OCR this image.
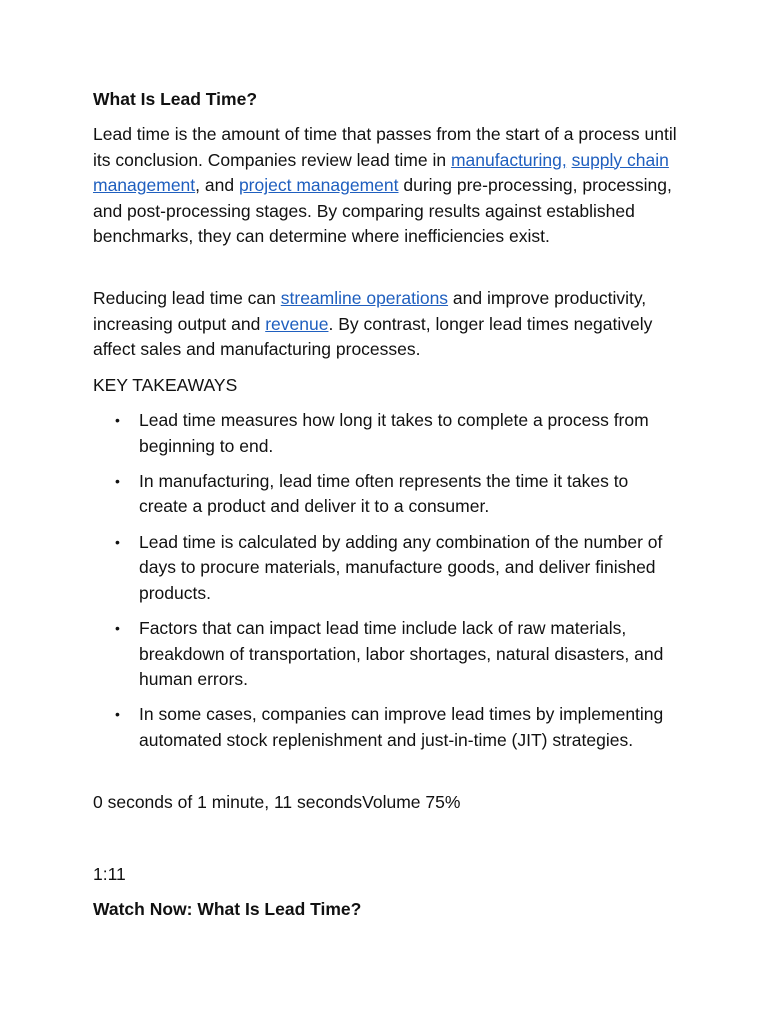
What Is Lead Time?

Lead time is the amount of time that passes from the start of a process until its conclusion. Companies review lead time in manufacturing, supply chain management, and project management during pre-processing, processing, and post-processing stages. By comparing results against established benchmarks, they can determine where inefficiencies exist.

Reducing lead time can streamline operations and improve productivity, increasing output and revenue. By contrast, longer lead times negatively affect sales and manufacturing processes.

KEY TAKEAWAYS
• Lead time measures how long it takes to complete a process from beginning to end.
• In manufacturing, lead time often represents the time it takes to create a product and deliver it to a consumer.
• Lead time is calculated by adding any combination of the number of days to procure materials, manufacture goods, and deliver finished products.
• Factors that can impact lead time include lack of raw materials, breakdown of transportation, labor shortages, natural disasters, and human errors.
• In some cases, companies can improve lead times by implementing automated stock replenishment and just-in-time (JIT) strategies.
0 seconds of 1 minute, 11 secondsVolume 75%
1:11
Watch Now: What Is Lead Time?
